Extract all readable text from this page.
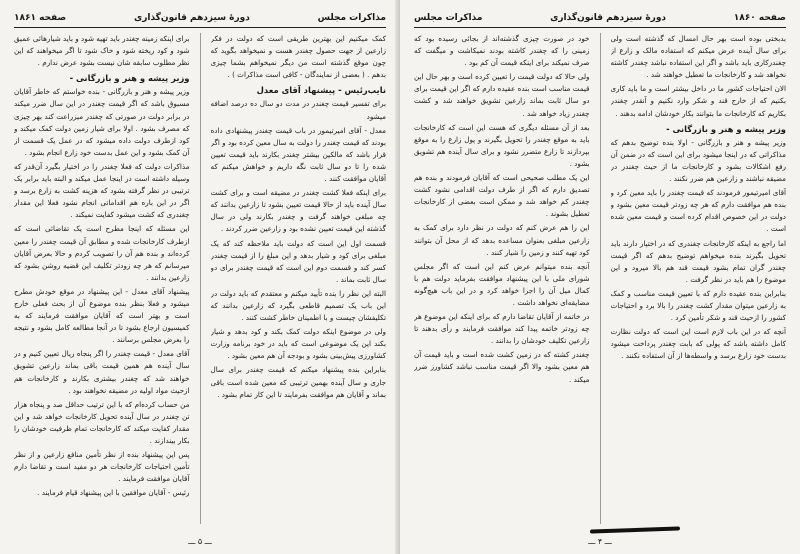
مذاکرات مجلس
دورهٔ سیزدهم قانون‌گذاری
صفحه ۱۸۶۱

کمک میکنیم این بهترین طریقی است که دولت در فکر زارعین از جهت حصول چغندر هست و نمیخواهد بگوید که چون موقع گذشته است من دیگر نمیخواهم بشما چیزی بدهم . ( بعضی از نمایندگان - کافی است مذاکرات ) .

نایب‌رئیس - پیشنهاد آقای معدل

برای تفسیر قیمت چغندر در مدت دو سال ده درصد اضافه میشود

معدل - آقای امیرتیمور در باب قیمت چغندر پیشنهادی داده بودند که قیمت چغندر را دولت به سال معین کرده بود و اگر قرار باشد که مالکین بیشتر چغندر بکارند باید قیمت تعیین شده را تا دو سال ثابت نگه داریم و خواهش میکنم که آقایان موافقت کنند .

برای اینکه فعلا کشت چغندر در مضیقه است و برای کشت سال آینده باید از حالا قیمت تعیین بشود تا زارعین بدانند که چه مبلغی خواهند گرفت و چغندر بکارند ولی در سال گذشته این قیمت تعیین نشده بود و زارعین ضرر کردند .

قسمت اول این است که دولت باید ملاحظه کند که یک مبلغی برای کود و شیار بدهد و این مبلغ را از قیمت چغندر کسر کند و قسمت دوم این است که قیمت چغندر برای دو سال ثابت بماند .

البته این نظر را بنده تأیید میکنم و معتقدم که باید دولت در این باب یک تصمیم قاطعی بگیرد که زارعین بدانند که تکلیفشان چیست و با اطمینان خاطر کشت کنند .

ولی در موضوع اینکه دولت کمک بکند و کود بدهد و شیار بکند این یک موضوعی است که باید در خود برنامه وزارت کشاورزی پیش‌بینی بشود و بودجه آن هم معین بشود .

بنابراین بنده پیشنهاد میکنم که قیمت چغندر برای سال جاری و سال آینده بهمین ترتیبی که معین شده است باقی بماند و آقایان هم موافقت بفرمایند تا این کار تمام بشود .

برای اینکه زمینه چغندر باید تهیه شود و باید شیارهائی عمیق شود و کود ریخته شود و خاک شود تا اگر میخواهند که این نظر مطلوب سابقه شان نیست بشود عرض ندارم .

وزیر پیشه و هنر و بازرگانی -

وزیر پیشه و هنر و بازرگانی - بنده خواستم که خاطر آقایان مسبوق باشد که اگر قیمت چغندر در این سال ضرر میکند در برابر دولت در صورتی که چغندر میزراعت کند بهر چیزی که مصرف بشود . اولا برای شیار زمین دولت کمک میکند و کود ازطرف دولت داده میشود که در عمل یک قسمت از آن کمک بشود و این عمل بدست خود زارع انجام بشود .

مذاکرات دولت که فعلا چغندر را در اختیار بگیرد آن‌قدر که وسیله داشته است در اینجا عمل میکند و البته باید برابر یک ترتیبی در نظر گرفته بشود که هزینه کشت به زارع برسد و اگر در این باره هم اقداماتی انجام نشود فعلا این مقدار چغندری که کشت میشود کفایت نمیکند .

این مسئله که اینجا مطرح است یک تقاضائی است که ازطرف کارخانجات شده و مطابق آن قیمت چغندر را معین کرده‌اند و بنده هم آن را تصویب کردم و حالا بعرض آقایان میرسانم که هر چه زودتر تکلیف این قضیه روشن بشود که زارعین بدانند .

پیشنهاد آقای معدل - این پیشنهاد در موقع خودش مطرح میشود و فعلا بنظر بنده موضوع آن از بحث فعلی خارج است و بهتر است که آقایان موافقت فرمایند که به کمیسیون ارجاع بشود تا در آنجا مطالعه کامل بشود و نتیجه را بعرض مجلس برسانند .

آقای معدل - قیمت چغندر را اگر پنجاه ریال تعیین کنیم و در سال آینده هم همین قیمت باقی بماند زارعین تشویق خواهند شد که چغندر بیشتری بکارند و کارخانجات هم ازحیث مواد اولیه در مضیقه نخواهند بود .

من حساب کرده‌ام که با این ترتیب حداقل صد و پنجاه هزار تن چغندر در سال آینده تحویل کارخانجات خواهد شد و این مقدار کفایت میکند که کارخانجات تمام ظرفیت خودشان را بکار بیندازند .

پس این پیشنهاد بنده از نظر تأمین منافع زارعین و از نظر تأمین احتیاجات کارخانجات هر دو مفید است و تقاضا دارم آقایان موافقت فرمایند .

رئیس - آقایان موافقین با این پیشنهاد قیام فرمایند .

ـــ ۵ ـــ
صفحه ۱۸۶۰
دورهٔ سیزدهم قانون‌گذاری
مذاکرات مجلس

بدبختی بوده است بهر حال امسال که گذشته است ولی برای سال آینده عرض میکنم که استفاده مالک و زارع از چغندرکاری باید باشد و اگر این استفاده نباشد چغندر کاشته نخواهد شد و کارخانجات ما تعطیل خواهند شد .

الان احتیاجات کشور ما در داخل بیشتر است و ما باید کاری بکنیم که از خارج قند و شکر وارد نکنیم و آنقدر چغندر بکاریم که کارخانجات ما بتوانند بکار خودشان ادامه بدهند .

وزیر پیشه و هنر و بازرگانی -

وزیر پیشه و هنر و بازرگانی - اولا بنده توضیح بدهم که مذاکراتی که در اینجا میشود برای این است که در ضمن آن رفع اشکالات بشود و کارخانجات ما از حیث چغندر در مضیقه نباشند و زارعین هم ضرر نکنند .

آقای امیرتیمور فرمودند که قیمت چغندر را باید معین کرد و بنده هم موافقت دارم که هر چه زودتر قیمت معین بشود و دولت در این خصوص اقدام کرده است و قیمت معین شده است .

اما راجع به اینکه کارخانجات چغندری که در اختیار دارند باید تحویل بگیرند بنده میخواهم توضیح بدهم که اگر قیمت چغندر گران تمام بشود قیمت قند هم بالا میرود و این موضوع را هم باید در نظر گرفت .

بنابراین بنده عقیده دارم که با تعیین قیمت مناسب و کمک به زارعین میتوان مقدار کشت چغندر را بالا برد و احتیاجات کشور را ازحیث قند و شکر تأمین کرد .

آنچه که در این باب لازم است این است که دولت نظارت کامل داشته باشد که پولی که بابت چغندر پرداخت میشود بدست خود زارع برسد و واسطه‌ها از آن استفاده نکنند .

خود در صورت چیزی گذشته‌اند از بجائی رسیده بود که زمینی را که چغندر کاشته بودند نمیکاشت و میگفت که صرف نمیکند برای اینکه قیمت آن کم بود .

ولی حالا که دولت قیمت را تعیین کرده است و بهر حال این قیمت مناسب است بنده عقیده دارم که اگر این قیمت برای دو سال ثابت بماند زارعین تشویق خواهند شد و کشت چغندر زیاد خواهد شد .

بعد از آن مسئله دیگری که هست این است که کارخانجات باید به موقع چغندر را تحویل بگیرند و پول زارع را به موقع بپردازند تا زارع متضرر نشود و برای سال آینده هم تشویق بشود .

این یک مطلب صحیحی است که آقایان فرمودند و بنده هم تصدیق دارم که اگر از طرف دولت اقدامی نشود کشت چغندر کم خواهد شد و ممکن است بعضی از کارخانجات تعطیل بشوند .

این را هم عرض کنم که دولت در نظر دارد برای کمک به زارعین مبلغی بعنوان مساعده بدهد که از محل آن بتوانند کود تهیه کنند و زمین را شیار کنند .

آنچه بنده میتوانم عرض کنم این است که اگر مجلس شورای ملی با این پیشنهاد موافقت بفرماید دولت هم با کمال میل آن را اجرا خواهد کرد و در این باب هیچ‌گونه مضایقه‌ای نخواهد داشت .

در خاتمه از آقایان تقاضا دارم که برای اینکه این موضوع هر چه زودتر خاتمه پیدا کند موافقت فرمایند و رأی بدهند تا زارعین تکلیف خودشان را بدانند .

چغندر کشته که در زمین کشت شده است و باید قیمت آن هم معین بشود والا اگر قیمت مناسب نباشد کشاورز ضرر میکند .

ـــ ۴ ـــ
